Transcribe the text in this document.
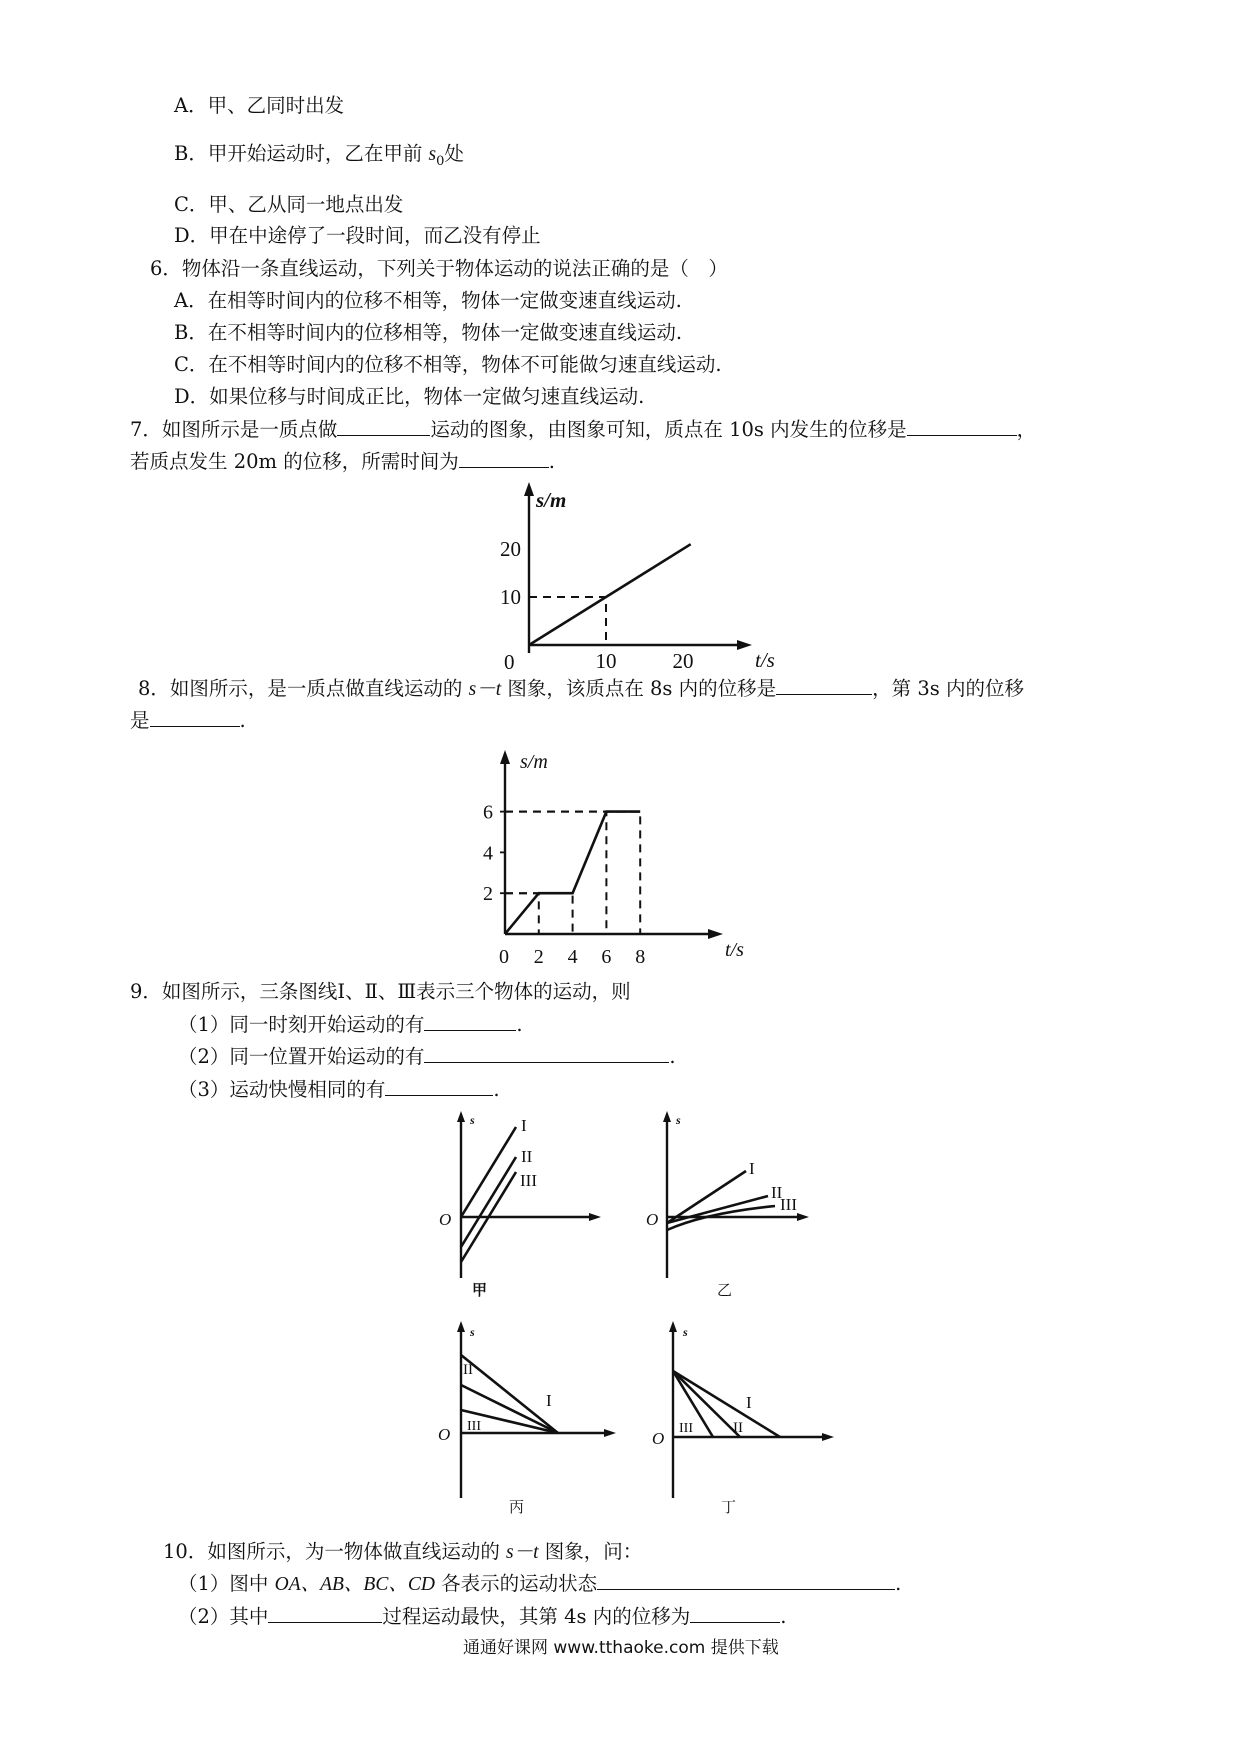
A．甲、乙同时出发
B．甲开始运动时，乙在甲前 $s_0$处
C．甲、乙从同一地点出发
D．甲在中途停了一段时间，而乙没有停止
6．物体沿一条直线运动，下列关于物体运动的说法正确的是（　）
A．在相等时间内的位移不相等，物体一定做变速直线运动.
B．在不相等时间内的位移相等，物体一定做变速直线运动.
C．在不相等时间内的位移不相等，物体不可能做匀速直线运动.
D．如果位移与时间成正比，物体一定做匀速直线运动.
7．如图所示是一质点做	运动的图象，由图象可知，质点在 10s 内发生的位移是	，
若质点发生 20m 的位移，所需时间为	.
10	20
10
20
s/m
t/s
0
8．如图所示，是一质点做直线运动的 s－t 图象，该质点在 8s 内的位移是	，第 3s 内的位移
是	.
2 4 6 8
2
4
6
s/m
t/s
0
9．如图所示，三条图线Ⅰ、Ⅱ、Ⅲ表示三个物体的运动，则
（1）同一时刻开始运动的有	.
（2）同一位置开始运动的有	.
（3）运动快慢相同的有	.
s
O
I
II
III
甲
s
O
I
II
III
乙
s
O
II
I
III
丙
s
O
I
II
III
丁
10．如图所示，为一物体做直线运动的 s－t 图象，问：
（1）图中 OA、AB、BC、CD 各表示的运动状态	.
（2）其中	过程运动最快，其第 4s 内的位移为	.
通通好课网 www.tthaoke.com 提供下载
